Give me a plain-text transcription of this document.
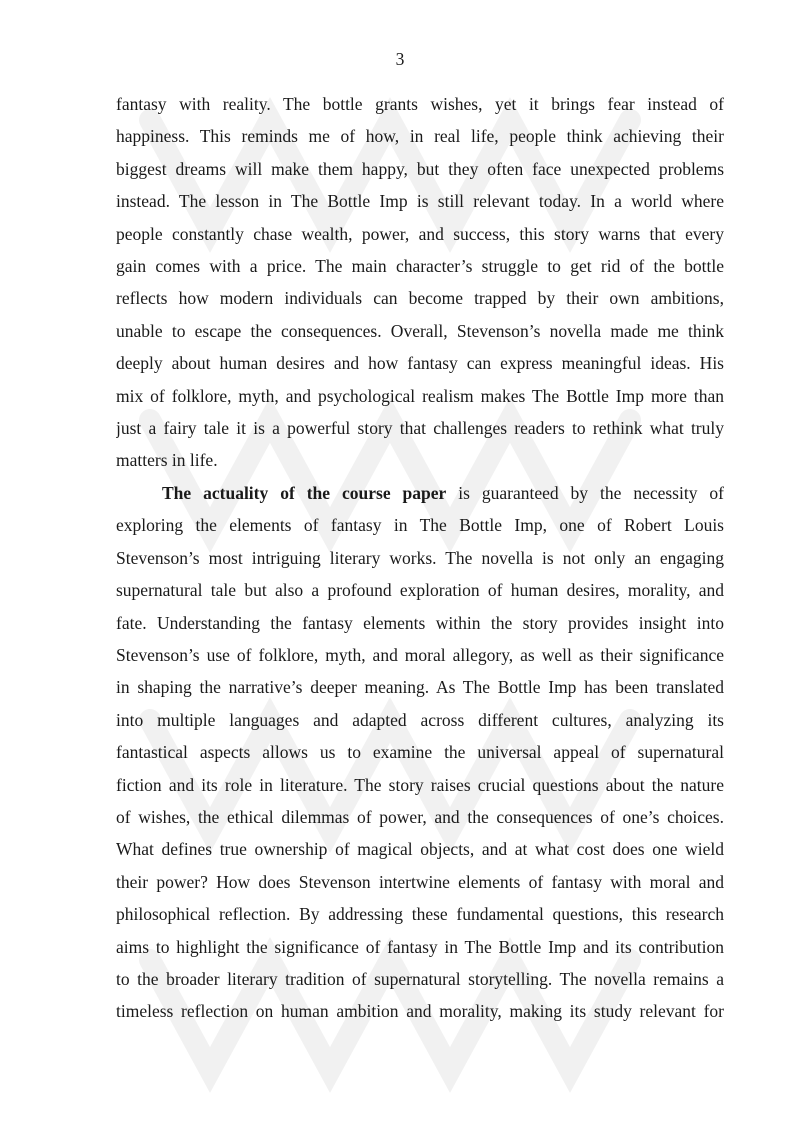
3
fantasy with reality. The bottle grants wishes, yet it brings fear instead of
happiness. This reminds me of how, in real life, people think achieving their
biggest dreams will make them happy, but they often face unexpected problems
instead. The lesson in The Bottle Imp is still relevant today. In a world where
people constantly chase wealth, power, and success, this story warns that every
gain comes with a price. The main character’s struggle to get rid of the bottle
reflects how modern individuals can become trapped by their own ambitions,
unable to escape the consequences. Overall, Stevenson’s novella made me think
deeply about human desires and how fantasy can express meaningful ideas. His
mix of folklore, myth, and psychological realism makes The Bottle Imp more than
just a fairy tale it is a powerful story that challenges readers to rethink what truly
matters in life.
The actuality of the course paper is guaranteed by the necessity of
exploring the elements of fantasy in The Bottle Imp, one of Robert Louis
Stevenson’s most intriguing literary works. The novella is not only an engaging
supernatural tale but also a profound exploration of human desires, morality, and
fate. Understanding the fantasy elements within the story provides insight into
Stevenson’s use of folklore, myth, and moral allegory, as well as their significance
in shaping the narrative’s deeper meaning. As The Bottle Imp has been translated
into multiple languages and adapted across different cultures, analyzing its
fantastical aspects allows us to examine the universal appeal of supernatural
fiction and its role in literature. The story raises crucial questions about the nature
of wishes, the ethical dilemmas of power, and the consequences of one’s choices.
What defines true ownership of magical objects, and at what cost does one wield
their power? How does Stevenson intertwine elements of fantasy with moral and
philosophical reflection. By addressing these fundamental questions, this research
aims to highlight the significance of fantasy in The Bottle Imp and its contribution
to the broader literary tradition of supernatural storytelling. The novella remains a
timeless reflection on human ambition and morality, making its study relevant for
